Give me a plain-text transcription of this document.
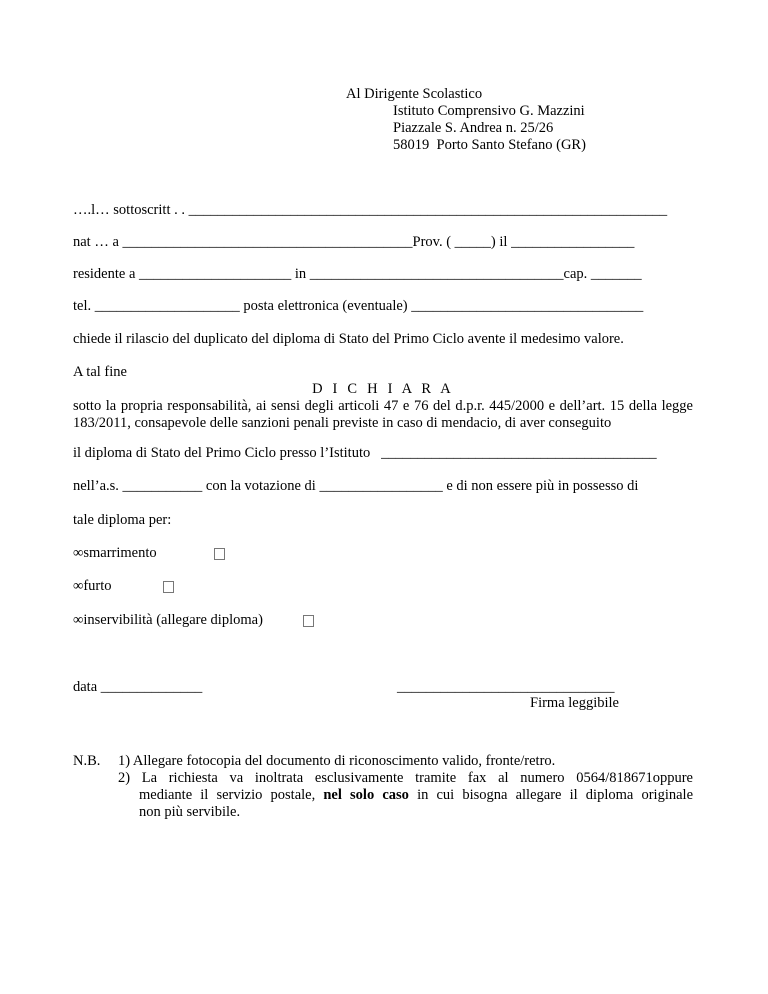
Al Dirigente Scolastico
Istituto Comprensivo G. Mazzini
Piazzale S. Andrea n. 25/26
58019  Porto Santo Stefano (GR)
….l… sottoscritt . . __________________________________________________________________
nat … a ________________________________________Prov. ( _____) il _________________
residente a _____________________ in ___________________________________cap. _______
tel. ____________________ posta elettronica (eventuale) ________________________________
chiede il rilascio del duplicato del diploma di Stato del Primo Ciclo avente il medesimo valore.
A tal fine
D I C H I A R A
sotto la propria responsabilità, ai sensi degli articoli 47 e 76 del d.p.r. 445/2000 e dell’art. 15 della legge 183/2011, consapevole delle sanzioni penali previste in caso di mendacio, di aver conseguito
il diploma di Stato del Primo Ciclo presso l’Istituto   ______________________________________
nell’a.s. ___________ con la votazione di _________________ e di non essere più in possesso di
tale diploma per:
∞smarrimento
∞furto
∞inservibilità (allegare diploma)
data ______________	______________________________
Firma leggibile
N.B. 1) Allegare fotocopia del documento di riconoscimento valido, fronte/retro.
2) La richiesta va inoltrata esclusivamente tramite fax al numero 0564/818671oppure
mediante il servizio postale, nel solo caso in cui bisogna allegare il diploma originale
non più servibile.
